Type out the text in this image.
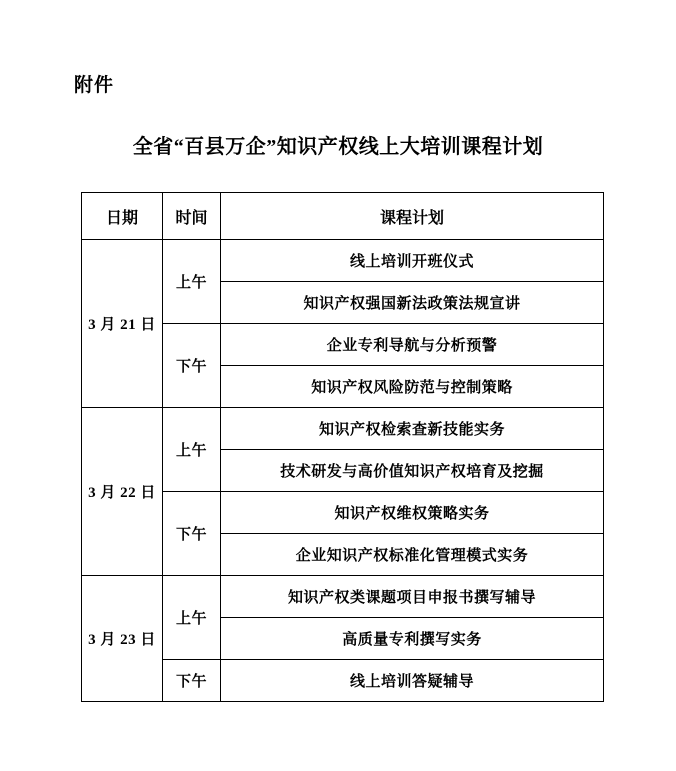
附件
全省“百县万企”知识产权线上大培训课程计划
日期	时间	课程计划
3 月 21 日	上午	线上培训开班仪式
		知识产权强国新法政策法规宣讲
	下午	企业专利导航与分析预警
		知识产权风险防范与控制策略
3 月 22 日	上午	知识产权检索查新技能实务
		技术研发与高价值知识产权培育及挖掘
	下午	知识产权维权策略实务
		企业知识产权标准化管理模式实务
3 月 23 日	上午	知识产权类课题项目申报书撰写辅导
		高质量专利撰写实务
	下午	线上培训答疑辅导
